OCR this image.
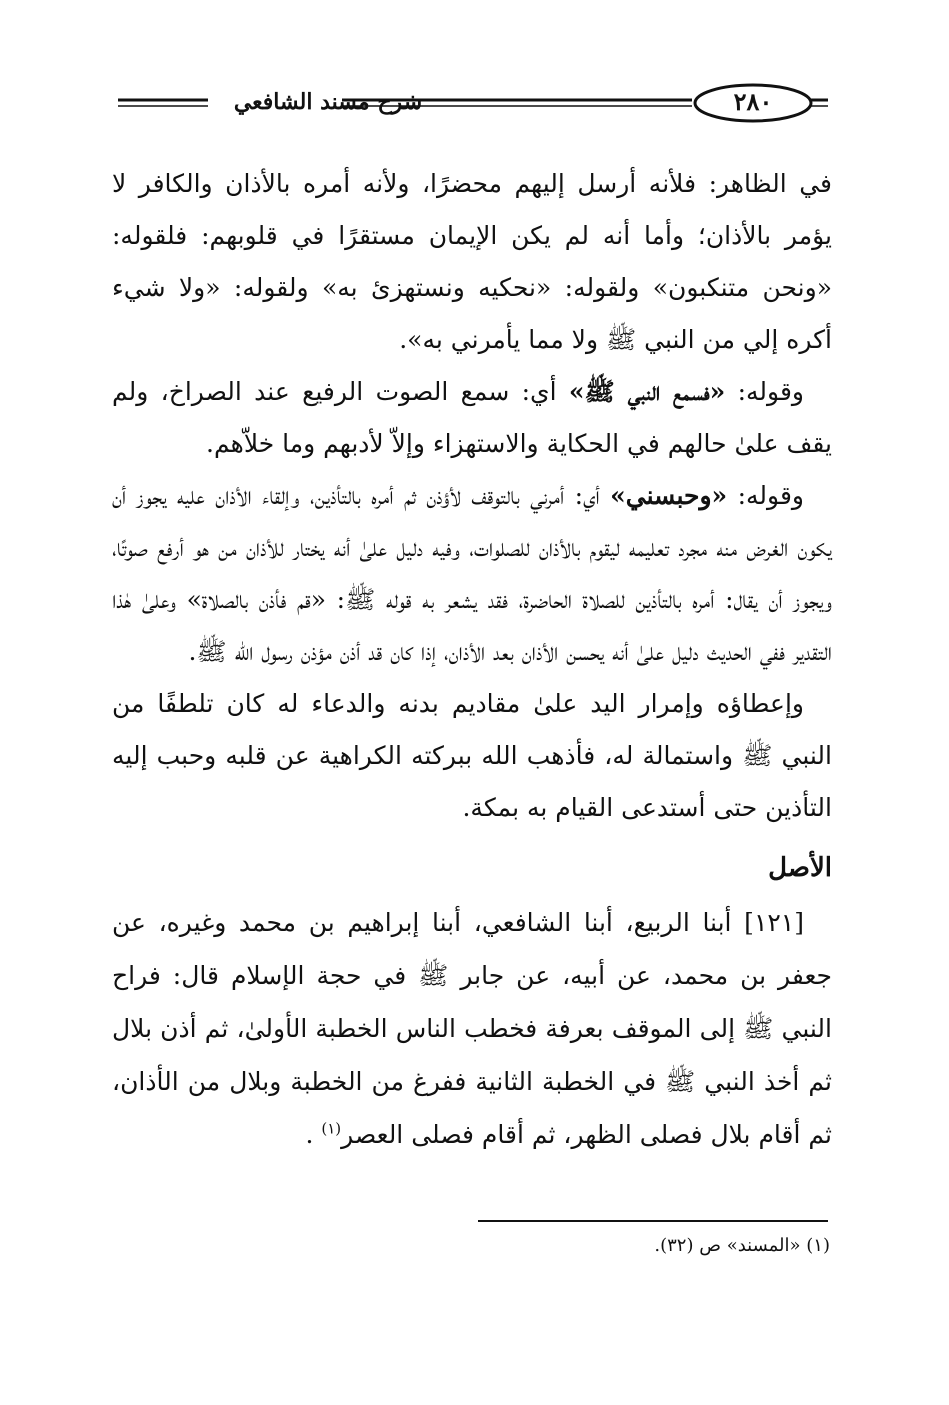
شرح مسند الشافعي	٢٨٠

في الظاهر: فلأنه أرسل إليهم محضرًا، ولأنه أمره بالأذان والكافر لا يؤمر بالأذان؛ وأما أنه لم يكن الإيمان مستقرًا في قلوبهم: فلقوله: «ونحن متنكبون» ولقوله: «نحكيه ونستهزئ به» ولقوله: «ولا شيء أكره إلي من النبي ﷺ ولا مما يأمرني به».

وقوله: «فسمع النبي ﷺ» أي: سمع الصوت الرفيع عند الصراخ، ولم يقف علىٰ حالهم في الحكاية والاستهزاء وإلاّ لأدبهم وما خلاّهم.

وقوله: «وحبسني» أي: أمرني بالتوقف لأؤذن ثم أمره بالتأذين، وإلقاء الأذان عليه يجوز أن يكون الغرض منه مجرد تعليمه ليقوم بالأذان للصلوات، وفيه دليل علىٰ أنه يختار للأذان من هو أرفع صوتًا، ويجوز أن يقال: أمره بالتأذين للصلاة الحاضرة، فقد يشعر به قوله ﷺ: «قم فأذن بالصلاة» وعلىٰ هٰذا التقدير ففي الحديث دليل علىٰ أنه يحسن الأذان بعد الأذان، إذا كان قد أذن مؤذن رسول الله ﷺ.

وإعطاؤه وإمرار اليد علىٰ مقاديم بدنه والدعاء له كان تلطفًا من النبي ﷺ واستمالة له، فأذهب الله ببركته الكراهية عن قلبه وحبب إليه التأذين حتى أستدعى القيام به بمكة.

الأصل

[١٢١] أبنا الربيع، أبنا الشافعي، أبنا إبراهيم بن محمد وغيره، عن جعفر بن محمد، عن أبيه، عن جابر ﷺ في حجة الإسلام قال: فراح النبي ﷺ إلى الموقف بعرفة فخطب الناس الخطبة الأولىٰ، ثم أذن بلال ثم أخذ النبي ﷺ في الخطبة الثانية ففرغ من الخطبة وبلال من الأذان، ثم أقام بلال فصلى الظهر، ثم أقام فصلى العصر$^{(١)}$ .

(١) «المسند» ص (٣٢).
